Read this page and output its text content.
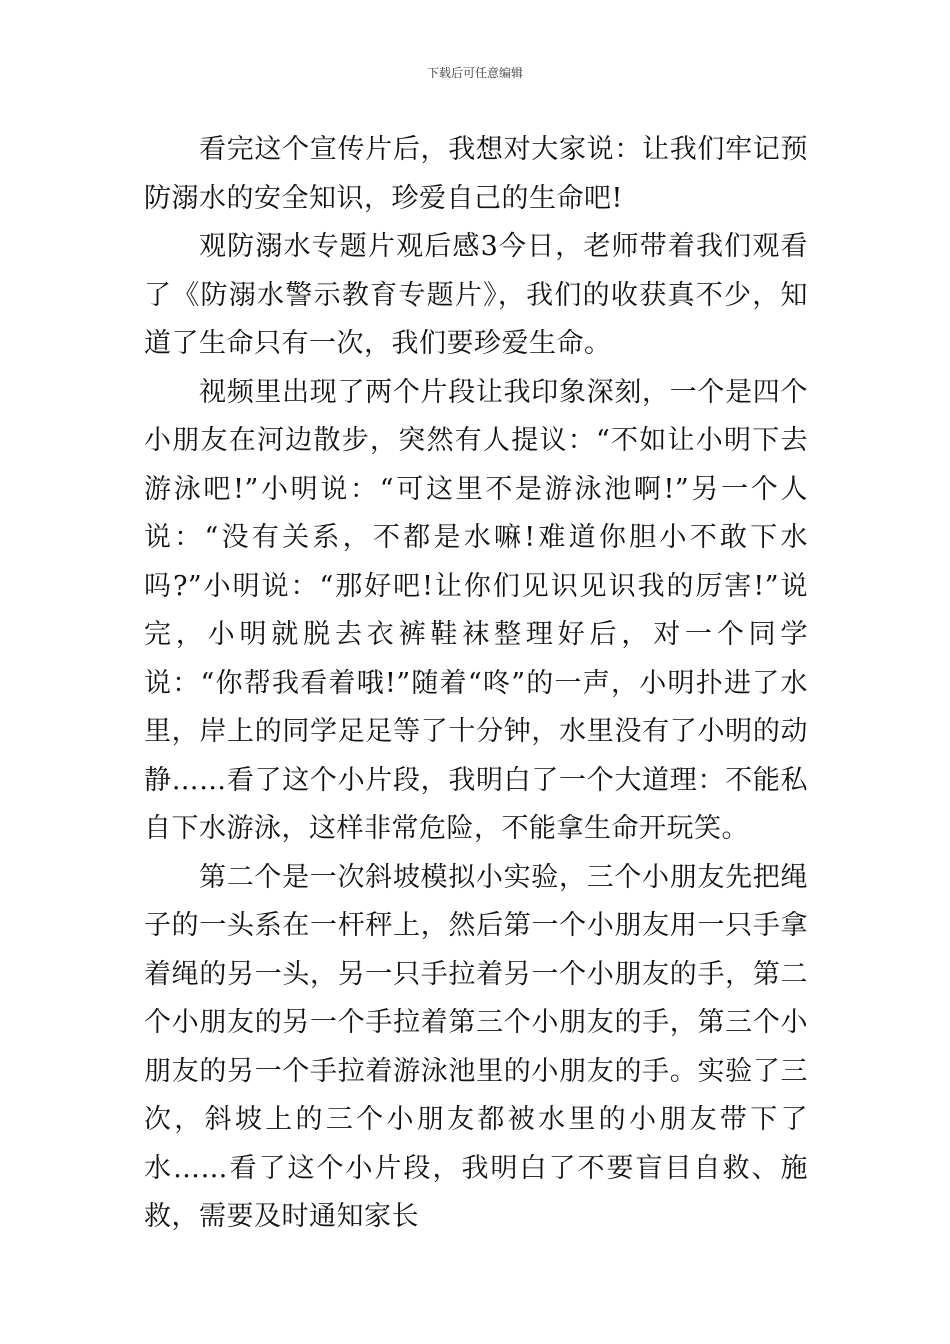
下载后可任意编辑

看完这个宣传片后，我想对大家说：让我们牢记预防溺水的安全知识，珍爱自己的生命吧!

观防溺水专题片观后感3今日，老师带着我们观看了《防溺水警示教育专题片》，我们的收获真不少，知道了生命只有一次，我们要珍爱生命。

视频里出现了两个片段让我印象深刻，一个是四个小朋友在河边散步，突然有人提议：“不如让小明下去游泳吧!”小明说：“可这里不是游泳池啊!”另一个人说：“没有关系，不都是水嘛!难道你胆小不敢下水吗?”小明说：“那好吧!让你们见识见识我的厉害!”说完，小明就脱去衣裤鞋袜整理好后，对一个同学说：“你帮我看着哦!”随着“咚”的一声，小明扑进了水里，岸上的同学足足等了十分钟，水里没有了小明的动静……看了这个小片段，我明白了一个大道理：不能私自下水游泳，这样非常危险，不能拿生命开玩笑。

第二个是一次斜坡模拟小实验，三个小朋友先把绳子的一头系在一杆秤上，然后第一个小朋友用一只手拿着绳的另一头，另一只手拉着另一个小朋友的手，第二个小朋友的另一个手拉着第三个小朋友的手，第三个小朋友的另一个手拉着游泳池里的小朋友的手。实验了三次，斜坡上的三个小朋友都被水里的小朋友带下了水……看了这个小片段，我明白了不要盲目自救、施救，需要及时通知家长
